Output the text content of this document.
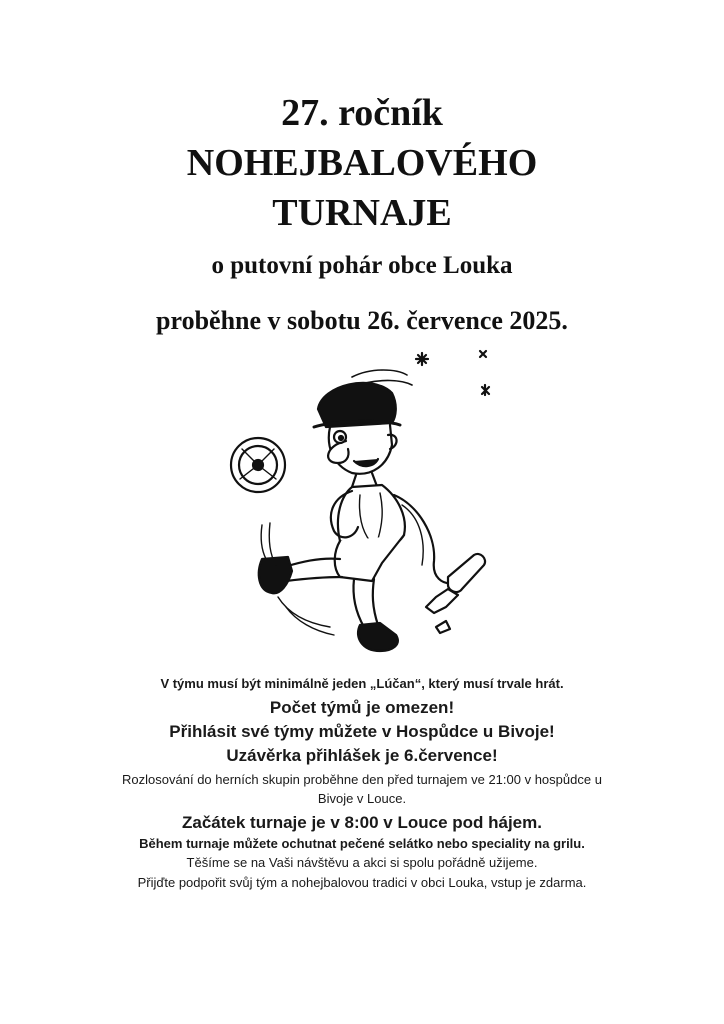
27. ročník
NOHEJBALOVÉHO
TURNAJE
o putovní pohár obce Louka
proběhne v sobotu 26. července 2025.
V týmu musí být minimálně jeden „Lúčan“, který musí trvale hrát.
Počet týmů je omezen!
Přihlásit své týmy můžete v Hospůdce u Bivoje!
Uzávěrka přihlášek je 6.července!
Rozlosování do herních skupin proběhne den před turnajem ve 21:00 v hospůdce u
Bivoje v Louce.
Začátek turnaje je v 8:00 v Louce pod hájem.
Během turnaje můžete ochutnat pečené selátko nebo speciality na grilu.
Těšíme se na Vaši návštěvu a akci si spolu pořádně užijeme.
Přijďte podpořit svůj tým a nohejbalovou tradici v obci Louka, vstup je zdarma.
